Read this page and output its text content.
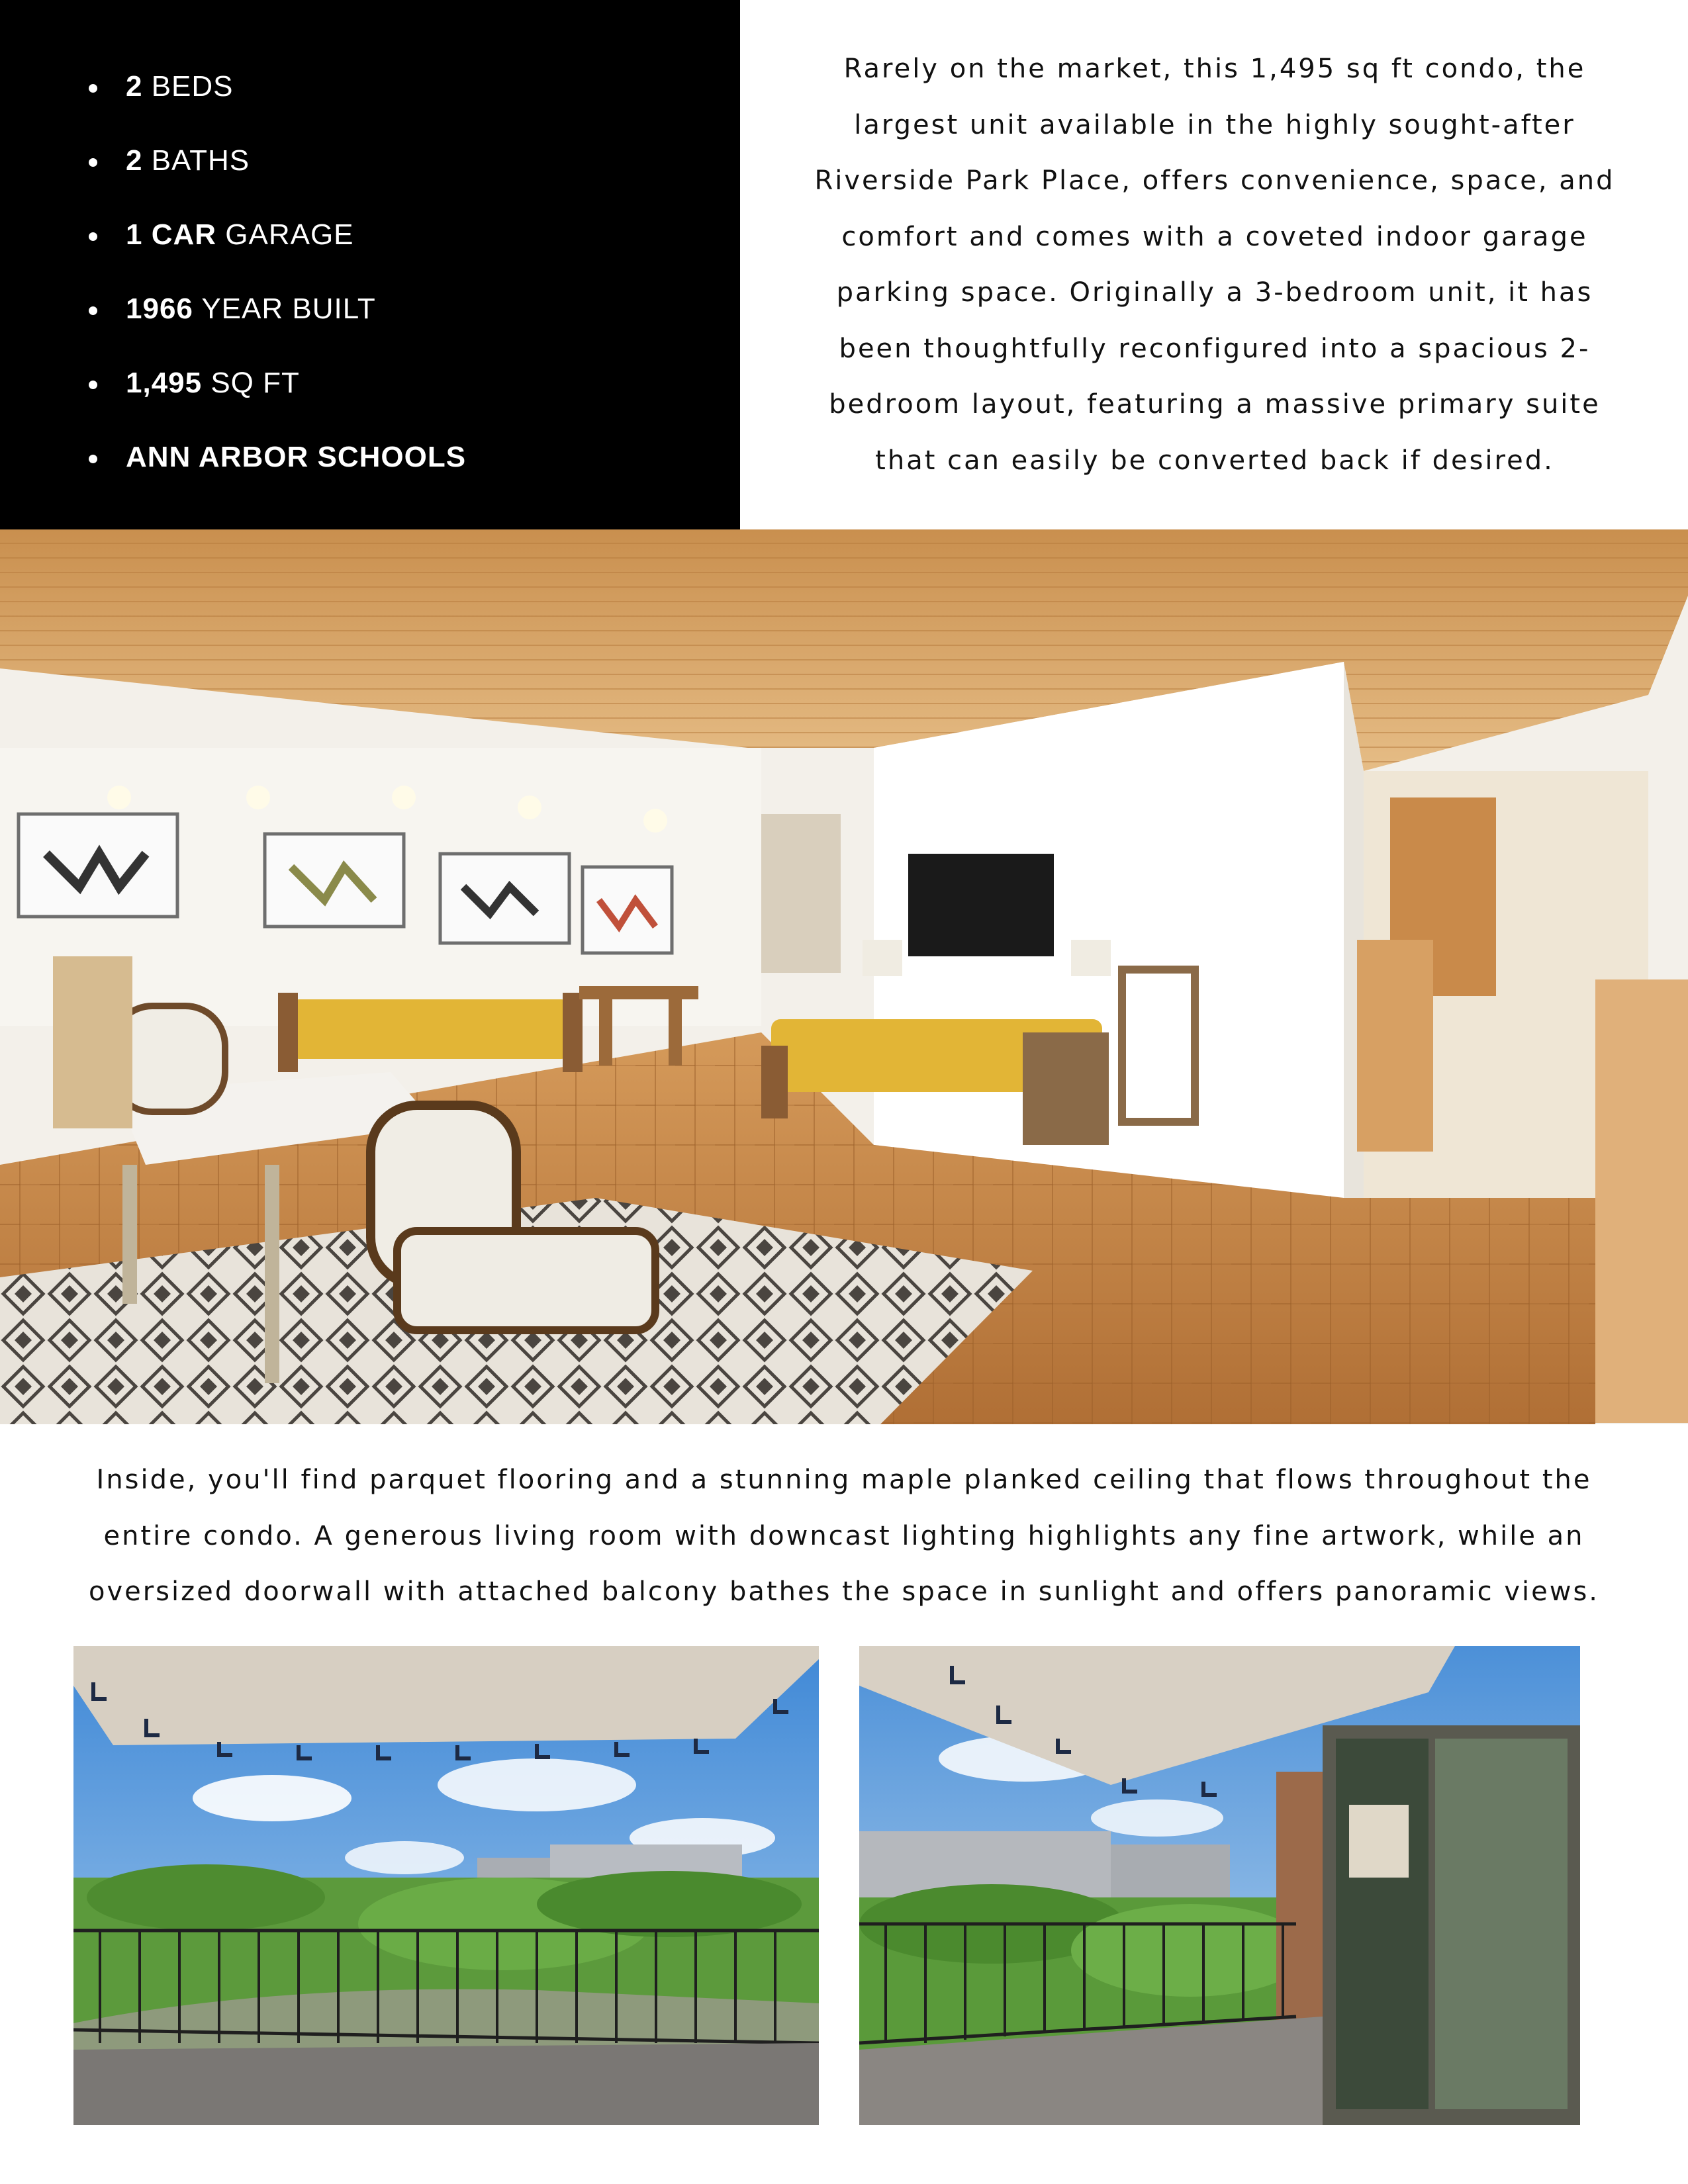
2 BEDS
2 BATHS
1 CAR GARAGE
1966 YEAR BUILT
1,495 SQ FT
ANN ARBOR SCHOOLS
Rarely on the market, this 1,495 sq ft condo, the
largest unit available in the highly sought-after
Riverside Park Place, offers convenience, space, and
comfort and comes with a coveted indoor garage
parking space. Originally a 3-bedroom unit, it has
been thoughtfully reconfigured into a spacious 2-
bedroom layout, featuring a massive primary suite
that can easily be converted back if desired.
Inside, you'll find parquet flooring and a stunning maple planked ceiling that flows throughout the
entire condo. A generous living room with downcast lighting highlights any fine artwork, while an
oversized doorwall with attached balcony bathes the space in sunlight and offers panoramic views.
